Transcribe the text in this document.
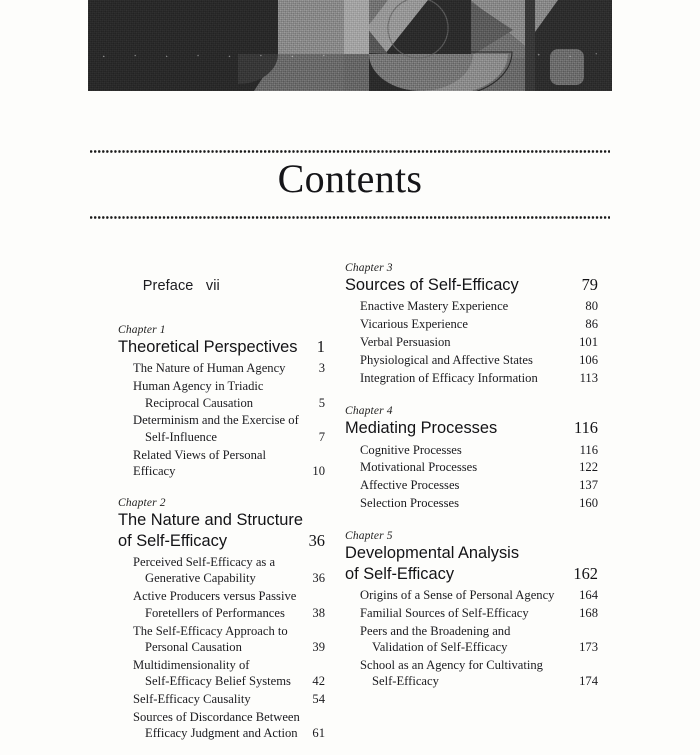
Contents

Preface vii

Chapter 1
Theoretical Perspectives	1
The Nature of Human Agency	3
Human Agency in Triadic
Reciprocal Causation	5
Determinism and the Exercise of
Self-Influence	7
Related Views of Personal Efficacy	10
Chapter 2
The Nature and Structure
of Self-Efficacy	36
Perceived Self-Efficacy as a
Generative Capability	36
Active Producers versus Passive
Foretellers of Performances	38
The Self-Efficacy Approach to
Personal Causation	39
Multidimensionality of
Self-Efficacy Belief Systems 42
Self-Efficacy Causality	54
Sources of Discordance Between
Efficacy Judgment and Action 61
Chapter 3
Sources of Self-Efficacy	79
Enactive Mastery Experience	80
Vicarious Experience	86
Verbal Persuasion	101
Physiological and Affective States	106
Integration of Efficacy Information	113
Chapter 4
Mediating Processes	116
Cognitive Processes	116
Motivational Processes	122
Affective Processes	137
Selection Processes	160
Chapter 5
Developmental Analysis
of Self-Efficacy	162
Origins of a Sense of Personal Agency	164
Familial Sources of Self-Efficacy	168
Peers and the Broadening and
Validation of Self-Efficacy	173
School as an Agency for Cultivating
Self-Efficacy	174
